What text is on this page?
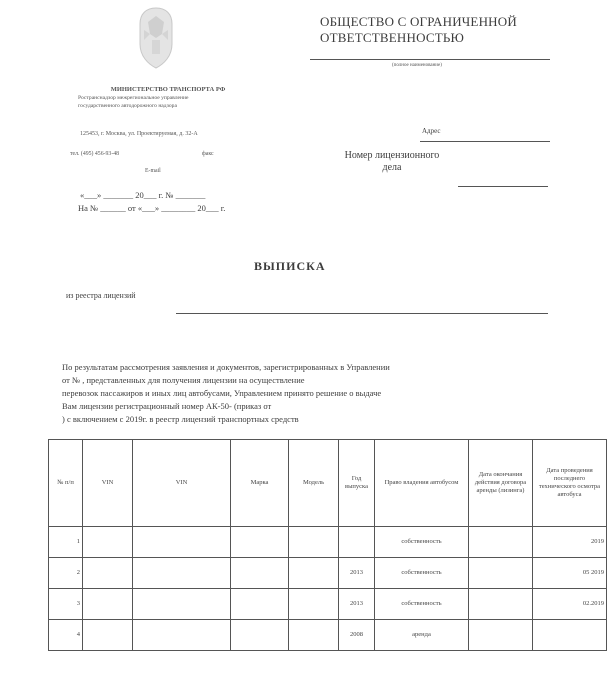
МИНИСТЕРСТВО ТРАНСПОРТА РФ
Ространснадзор межрегиональное управление
государственного автодорожного надзора
125453, г. Москва, ул. Проектируемая, д. 32-А
тел. (495) 456-93-48	факс
E-mail
«___» _______ 20___ г. № _______
На № ______ от «___» ________ 20___ г.
ОБЩЕСТВО С ОГРАНИЧЕННОЙ
ОТВЕТСТВЕННОСТЬЮ
(полное наименование)
Адрес
Номер лицензионного
дела
ВЫПИСКА
из реестра лицензий
По результатам рассмотрения заявления и документов, зарегистрированных в Управлении
от № , представленных для получения лицензии на осуществление
перевозок пассажиров и иных лиц автобусами, Управлением принято решение о выдаче
Вам лицензии регистрационный номер АК-50- (приказ от
) с включением с 2019г. в реестр лицензий транспортных средств
№ п/п	VIN	VIN	Марка	Модель	Год выпуска	Право владения автобусом	Дата окончания действия договора аренды (лизинга)	Дата проведения последнего технического осмотра автобуса
1						собственность		2019
2					2013	собственность		05 2019
3					2013	собственность		02.2019
4					2008	аренда		
